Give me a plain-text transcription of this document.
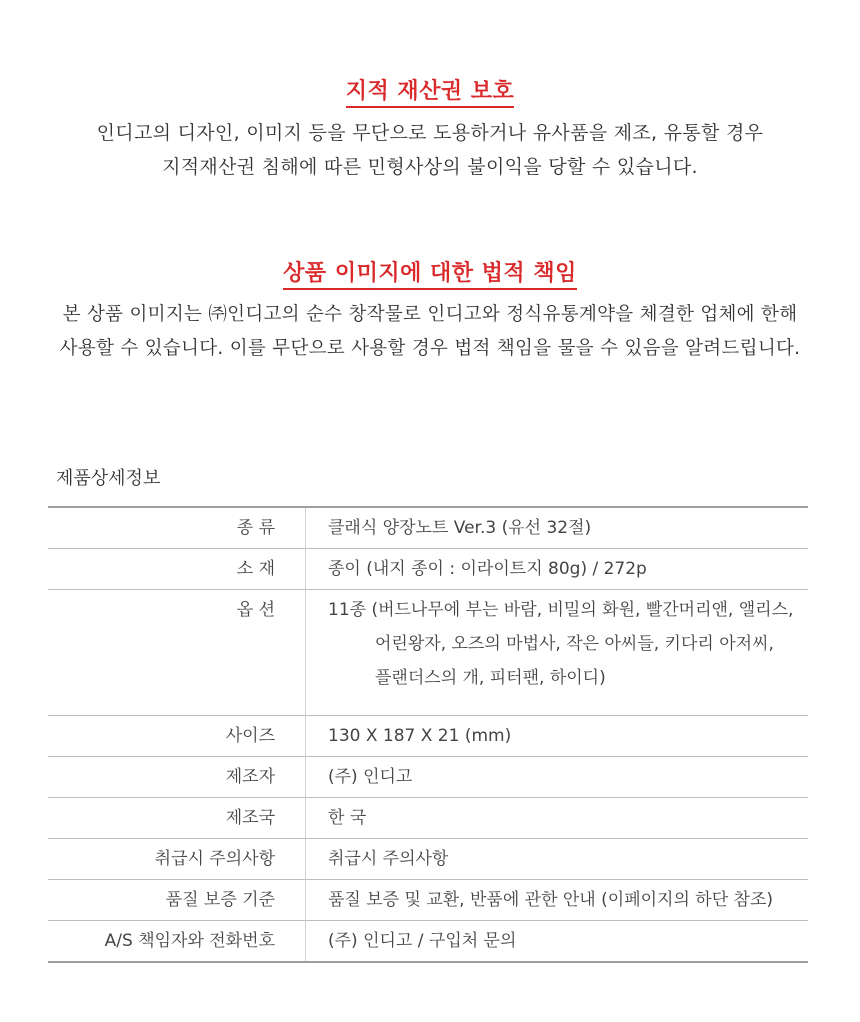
지적 재산권 보호

인디고의 디자인, 이미지 등을 무단으로 도용하거나 유사품을 제조, 유통할 경우

지적재산권 침해에 따른 민형사상의 불이익을 당할 수 있습니다.

상품 이미지에 대한 법적 책임

본 상품 이미지는 ㈜인디고의 순수 창작물로 인디고와 정식유통계약을 체결한 업체에 한해

사용할 수 있습니다. 이를 무단으로 사용할 경우 법적 책임을 물을 수 있음을 알려드립니다.

제품상세정보
종 류	클래식 양장노트 Ver.3 (유선 32절)
소 재	종이 (내지 종이 : 이라이트지 80g) / 272p
옵 션	11종 (버드나무에 부는 바람, 비밀의 화원, 빨간머리앤, 앨리스,
어린왕자, 오즈의 마법사, 작은 아씨들, 키다리 아저씨,
플랜더스의 개, 피터팬, 하이디)

사이즈	130 X 187 X 21 (mm)
제조자	(주) 인디고
제조국	한 국
취급시 주의사항	취급시 주의사항
품질 보증 기준	품질 보증 및 교환, 반품에 관한 안내 (이페이지의 하단 참조)
A/S 책임자와 전화번호	(주) 인디고 / 구입처 문의
